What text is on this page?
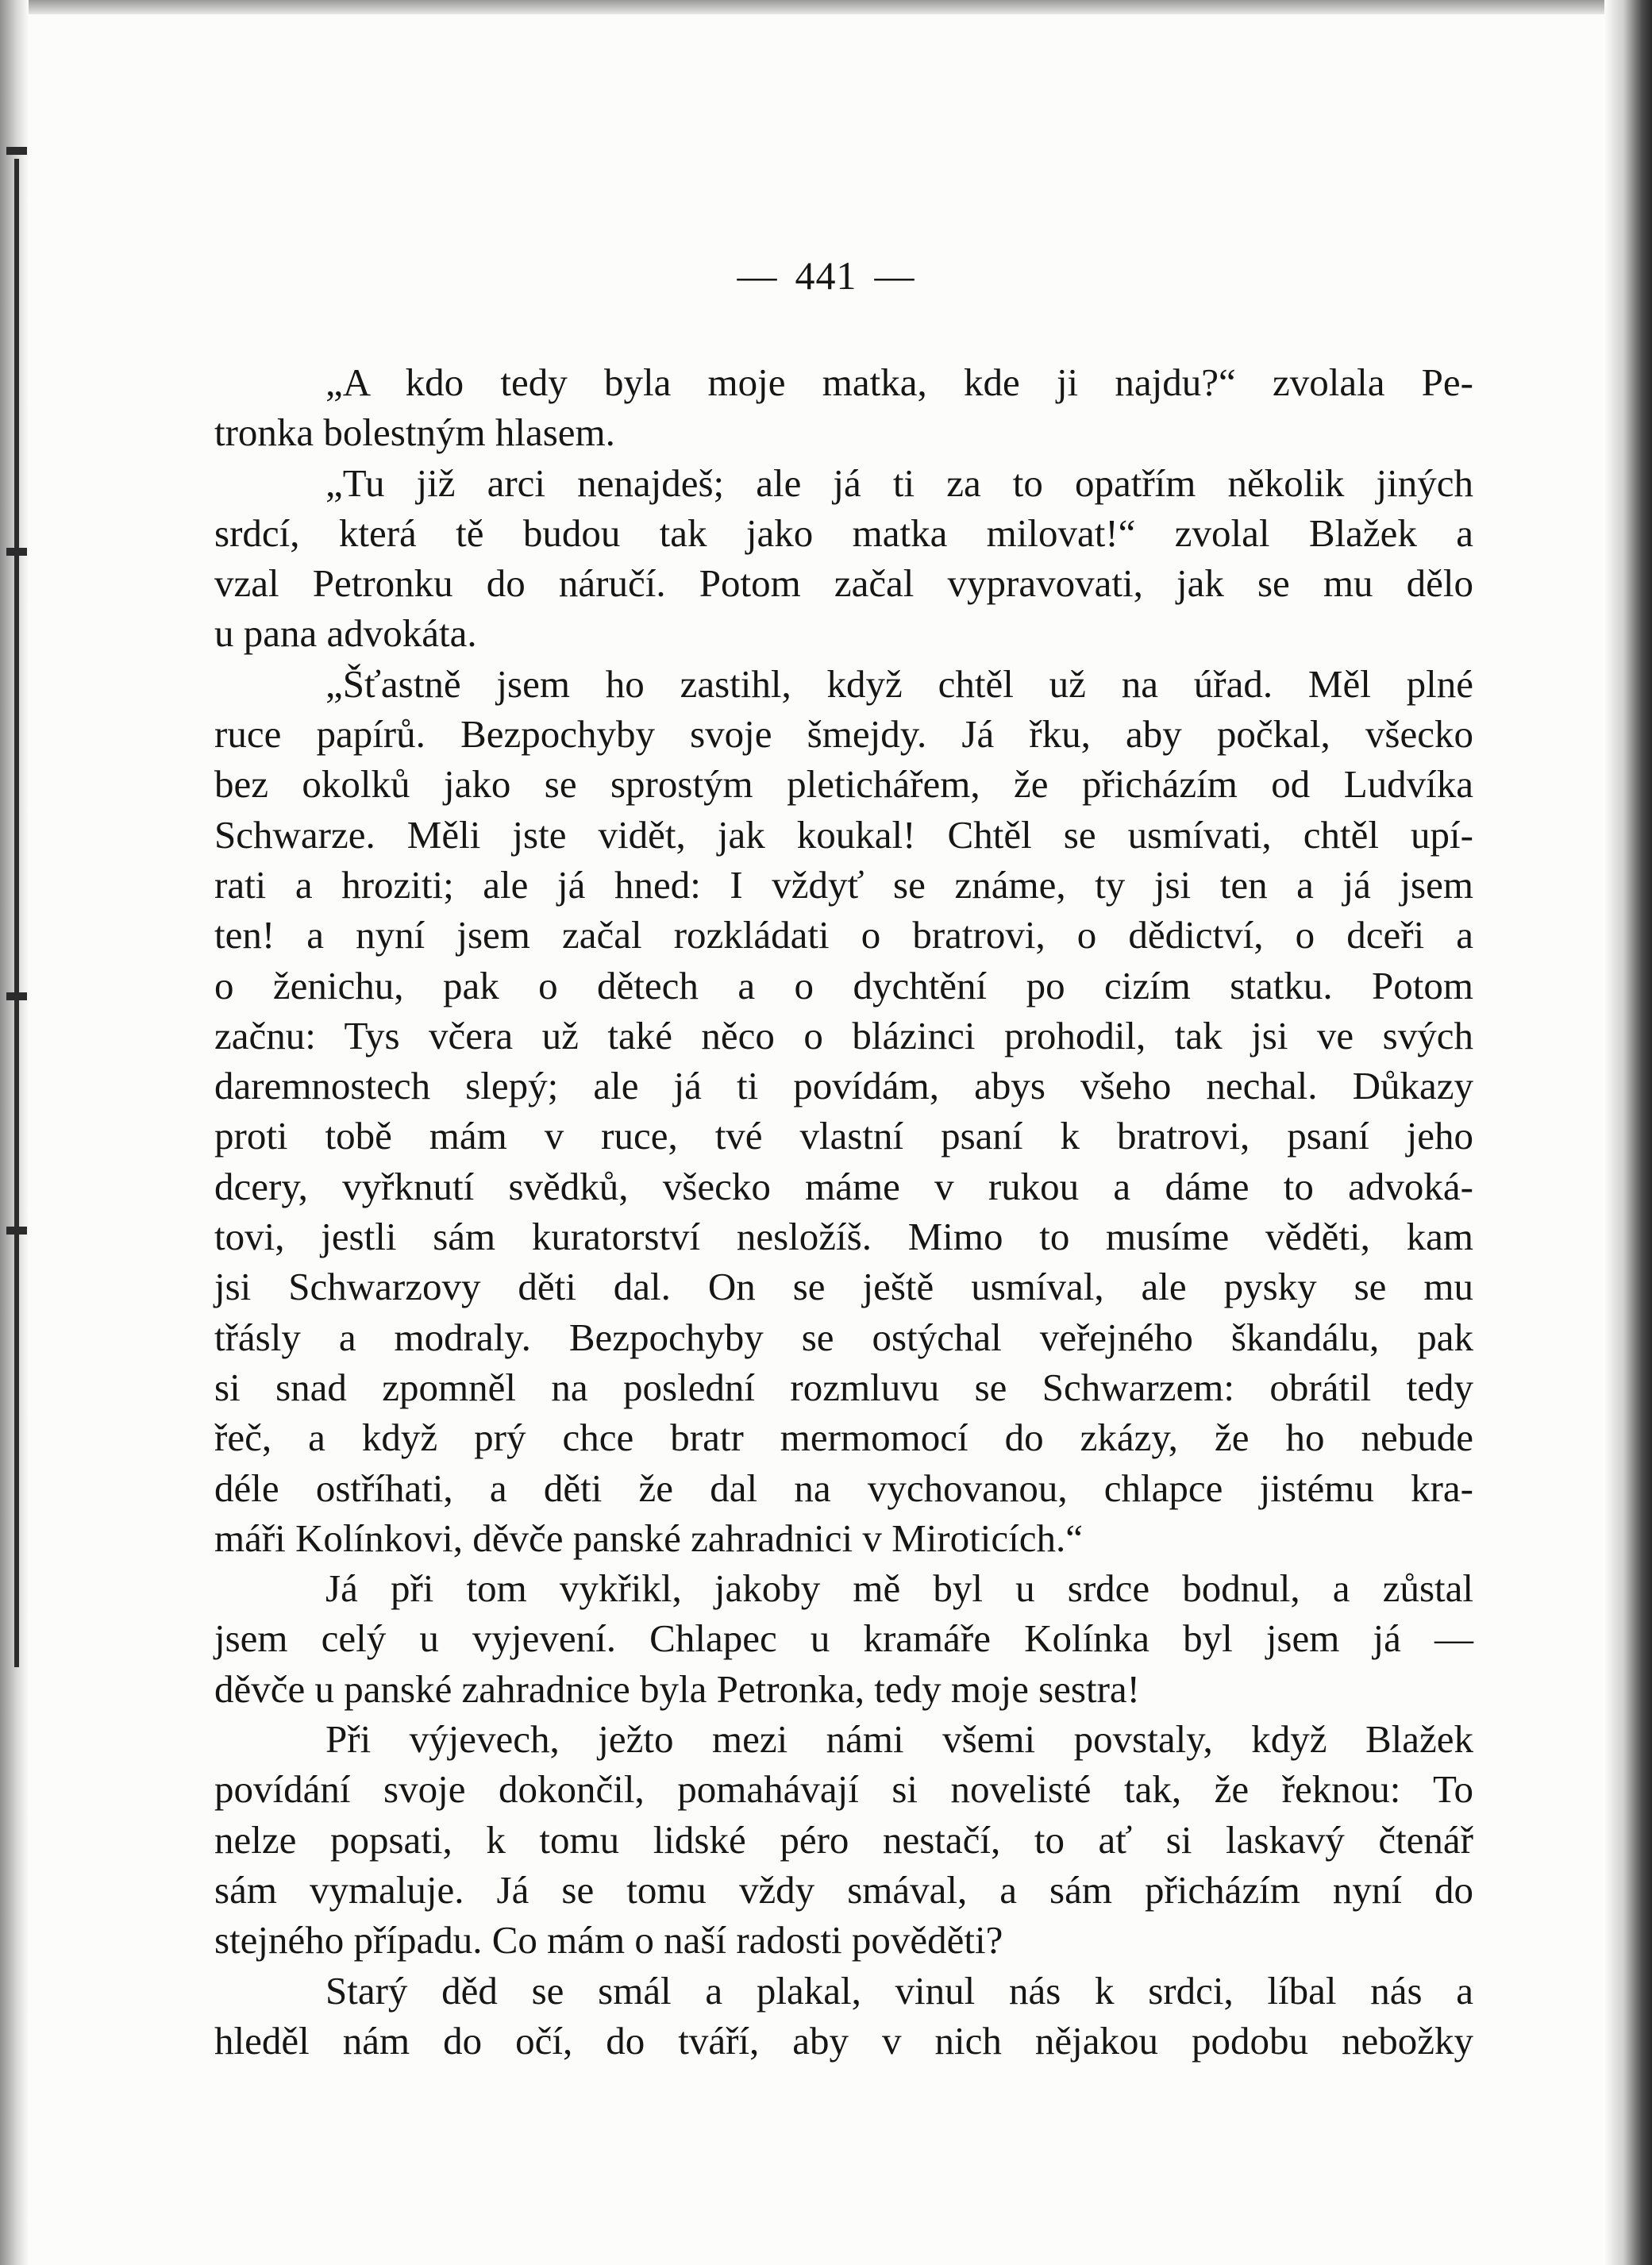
— 441 —
„A kdo tedy byla moje matka, kde ji najdu?“ zvolala Pe-
tronka bolestným hlasem.
„Tu již arci nenajdeš; ale já ti za to opatřím několik jiných
srdcí, která tě budou tak jako matka milovat!“ zvolal Blažek a
vzal Petronku do náručí. Potom začal vypravovati, jak se mu dělo
u pana advokáta.
„Šťastně jsem ho zastihl, když chtěl už na úřad. Měl plné
ruce papírů. Bezpochyby svoje šmejdy. Já řku, aby počkal, všecko
bez okolků jako se sprostým pletichářem, že přicházím od Ludvíka
Schwarze. Měli jste vidět, jak koukal! Chtěl se usmívati, chtěl upí-
rati a hroziti; ale já hned: I vždyť se známe, ty jsi ten a já jsem
ten! a nyní jsem začal rozkládati o bratrovi, o dědictví, o dceři a
o ženichu, pak o dětech a o dychtění po cizím statku. Potom
začnu: Tys včera už také něco o blázinci prohodil, tak jsi ve svých
daremnostech slepý; ale já ti povídám, abys všeho nechal. Důkazy
proti tobě mám v ruce, tvé vlastní psaní k bratrovi, psaní jeho
dcery, vyřknutí svědků, všecko máme v rukou a dáme to advoká-
tovi, jestli sám kuratorství nesložíš. Mimo to musíme věděti, kam
jsi Schwarzovy děti dal. On se ještě usmíval, ale pysky se mu
třásly a modraly. Bezpochyby se ostýchal veřejného škandálu, pak
si snad zpomněl na poslední rozmluvu se Schwarzem: obrátil tedy
řeč, a když prý chce bratr mermomocí do zkázy, že ho nebude
déle ostříhati, a děti že dal na vychovanou, chlapce jistému kra-
máři Kolínkovi, děvče panské zahradnici v Miroticích.“
Já při tom vykřikl, jakoby mě byl u srdce bodnul, a zůstal
jsem celý u vyjevení. Chlapec u kramáře Kolínka byl jsem já —
děvče u panské zahradnice byla Petronka, tedy moje sestra!
Při výjevech, ježto mezi námi všemi povstaly, když Blažek
povídání svoje dokončil, pomahávají si novelisté tak, že řeknou: To
nelze popsati, k tomu lidské péro nestačí, to ať si laskavý čtenář
sám vymaluje. Já se tomu vždy smával, a sám přicházím nyní do
stejného případu. Co mám o naší radosti pověděti?
Starý děd se smál a plakal, vinul nás k srdci, líbal nás a
hleděl nám do očí, do tváří, aby v nich nějakou podobu nebožky
